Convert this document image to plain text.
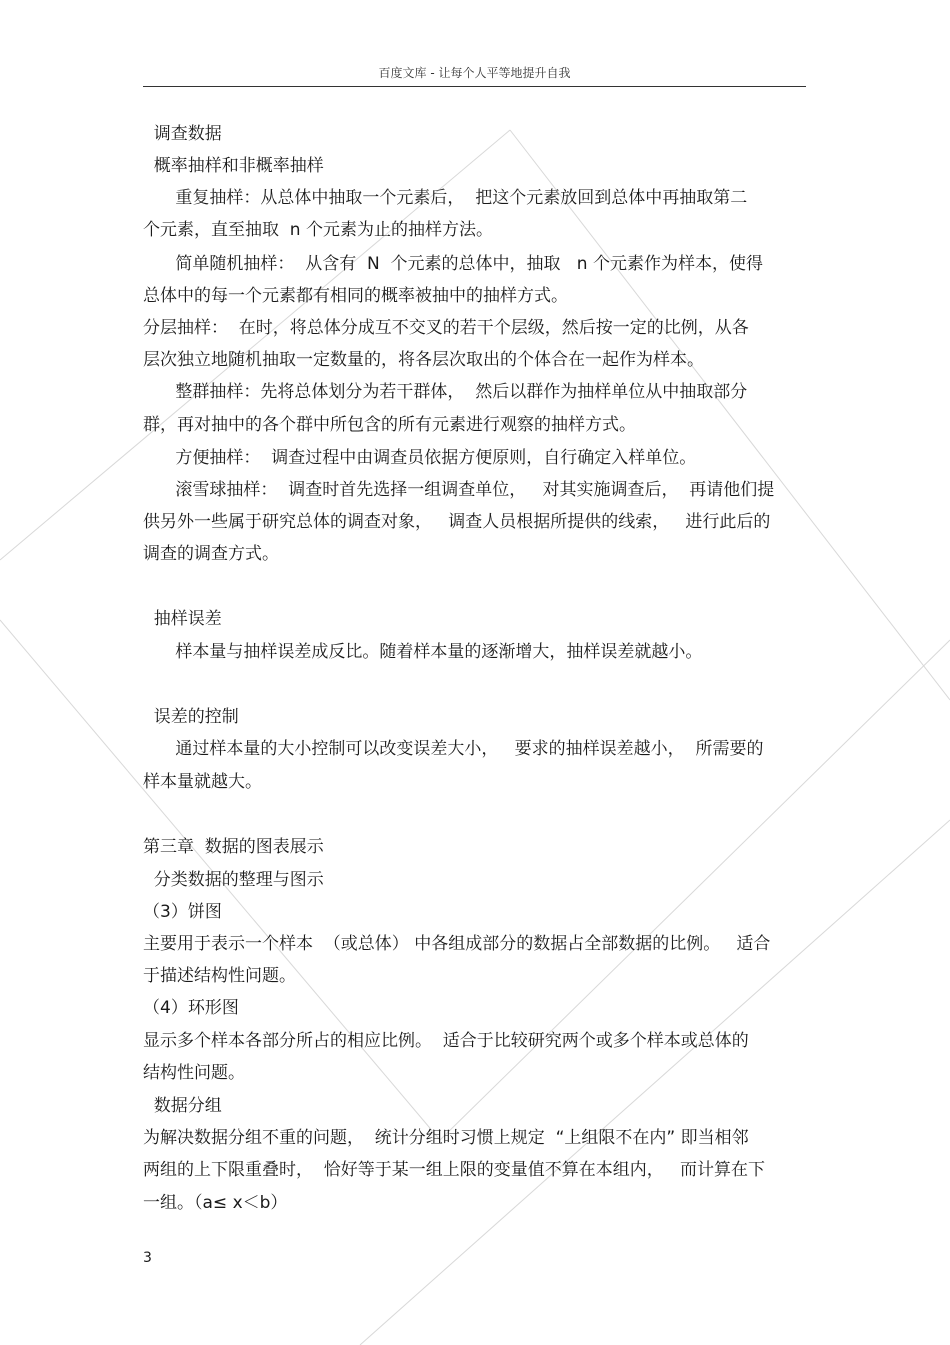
百度文库 - 让每个人平等地提升自我
调查数据
概率抽样和非概率抽样
重复抽样：从总体中抽取一个元素后，  把这个元素放回到总体中再抽取第二
个元素，直至抽取  n 个元素为止的抽样方法。
简单随机抽样：  从含有  N  个元素的总体中，抽取   n 个元素作为样本，使得
总体中的每一个元素都有相同的概率被抽中的抽样方式。
分层抽样：  在时，将总体分成互不交叉的若干个层级，然后按一定的比例，从各
层次独立地随机抽取一定数量的，将各层次取出的个体合在一起作为样本。
整群抽样：先将总体划分为若干群体，  然后以群作为抽样单位从中抽取部分
群，再对抽中的各个群中所包含的所有元素进行观察的抽样方式。
方便抽样：  调查过程中由调查员依据方便原则，自行确定入样单位。
滚雪球抽样：  调查时首先选择一组调查单位，   对其实施调查后，  再请他们提
供另外一些属于研究总体的调查对象，   调查人员根据所提供的线索，   进行此后的
调查的调查方式。
抽样误差
样本量与抽样误差成反比。随着样本量的逐渐增大，抽样误差就越小。
误差的控制
通过样本量的大小控制可以改变误差大小，   要求的抽样误差越小，  所需要的
样本量就越大。
第三章  数据的图表展示
分类数据的整理与图示
（3）饼图
主要用于表示一个样本  （或总体） 中各组成部分的数据占全部数据的比例。   适合
于描述结构性问题。
（4）环形图
显示多个样本各部分所占的相应比例。  适合于比较研究两个或多个样本或总体的
结构性问题。
数据分组
为解决数据分组不重的问题，  统计分组时习惯上规定  “上组限不在内” 即当相邻
两组的上下限重叠时，  恰好等于某一组上限的变量值不算在本组内，   而计算在下
一组。（a≤ x＜b）
3
